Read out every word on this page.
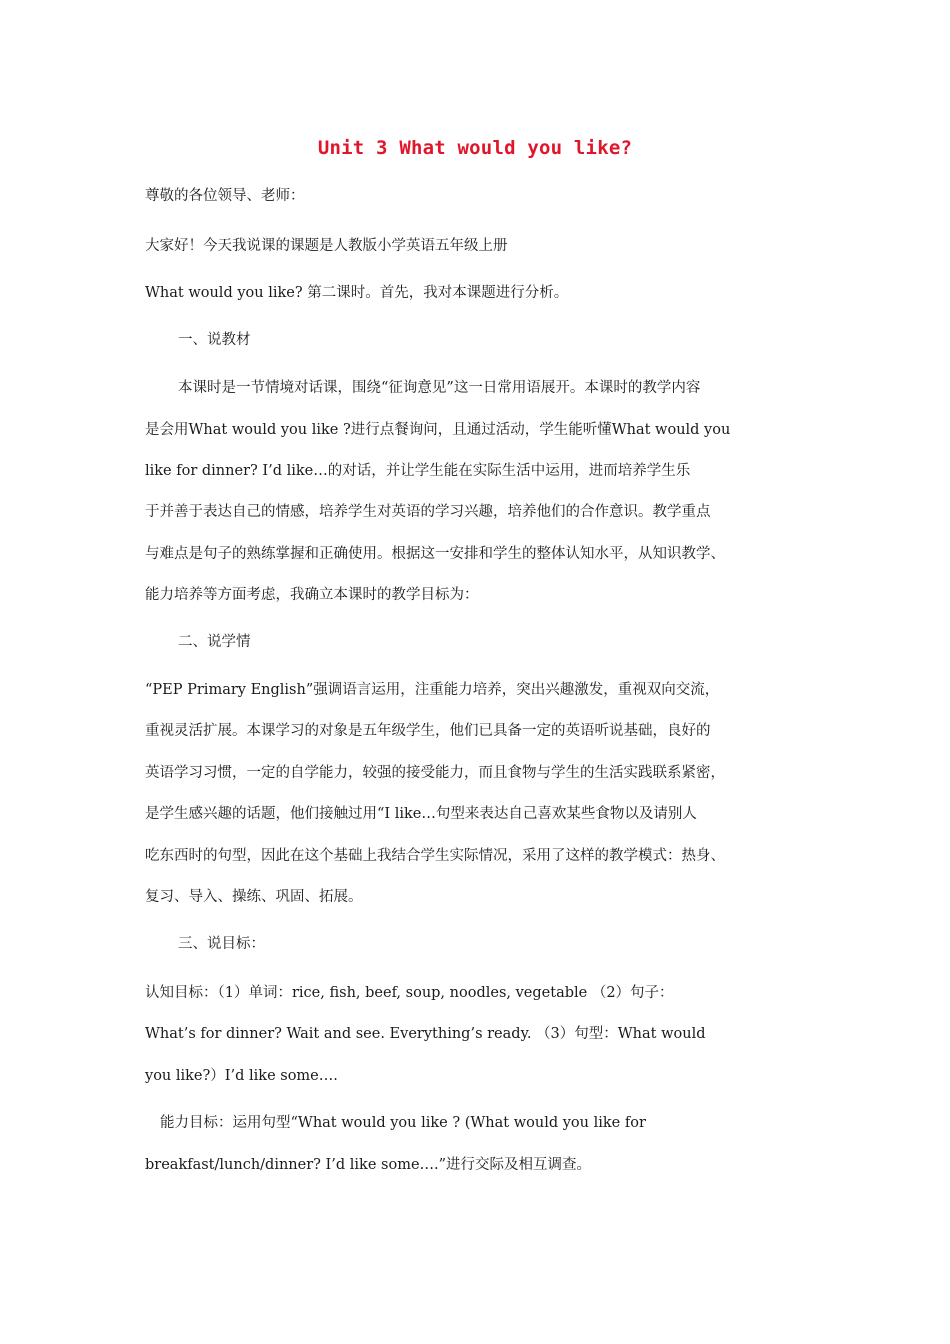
Unit 3 What would you like?
尊敬的各位领导、老师：
大家好！今天我说课的课题是人教版小学英语五年级上册
What would you like? 第二课时。首先，我对本课题进行分析。
一、说教材
本课时是一节情境对话课，围绕“征询意见”这一日常用语展开。本课时的教学内容
是会用What would you like ?进行点餐询问，且通过活动，学生能听懂What would you
like for dinner? I’d like…的对话，并让学生能在实际生活中运用，进而培养学生乐
于并善于表达自己的情感，培养学生对英语的学习兴趣，培养他们的合作意识。教学重点
与难点是句子的熟练掌握和正确使用。根据这一安排和学生的整体认知水平，从知识教学、
能力培养等方面考虑，我确立本课时的教学目标为：
二、说学情
“PEP Primary English”强调语言运用，注重能力培养，突出兴趣激发，重视双向交流，
重视灵活扩展。本课学习的对象是五年级学生，他们已具备一定的英语听说基础，良好的
英语学习习惯，一定的自学能力，较强的接受能力，而且食物与学生的生活实践联系紧密，
是学生感兴趣的话题，他们接触过用“I like…句型来表达自己喜欢某些食物以及请别人
吃东西时的句型，因此在这个基础上我结合学生实际情况，采用了这样的教学模式：热身、
复习、导入、操练、巩固、拓展。
三、说目标：
认知目标：（1）单词：rice, fish, beef, soup, noodles, vegetable （2）句子：
What’s for dinner? Wait and see. Everything’s ready. （3）句型：What would
you like?）I’d like some….
能力目标：运用句型“What would you like ? (What would you like for
breakfast/lunch/dinner? I’d like some….”进行交际及相互调查。
